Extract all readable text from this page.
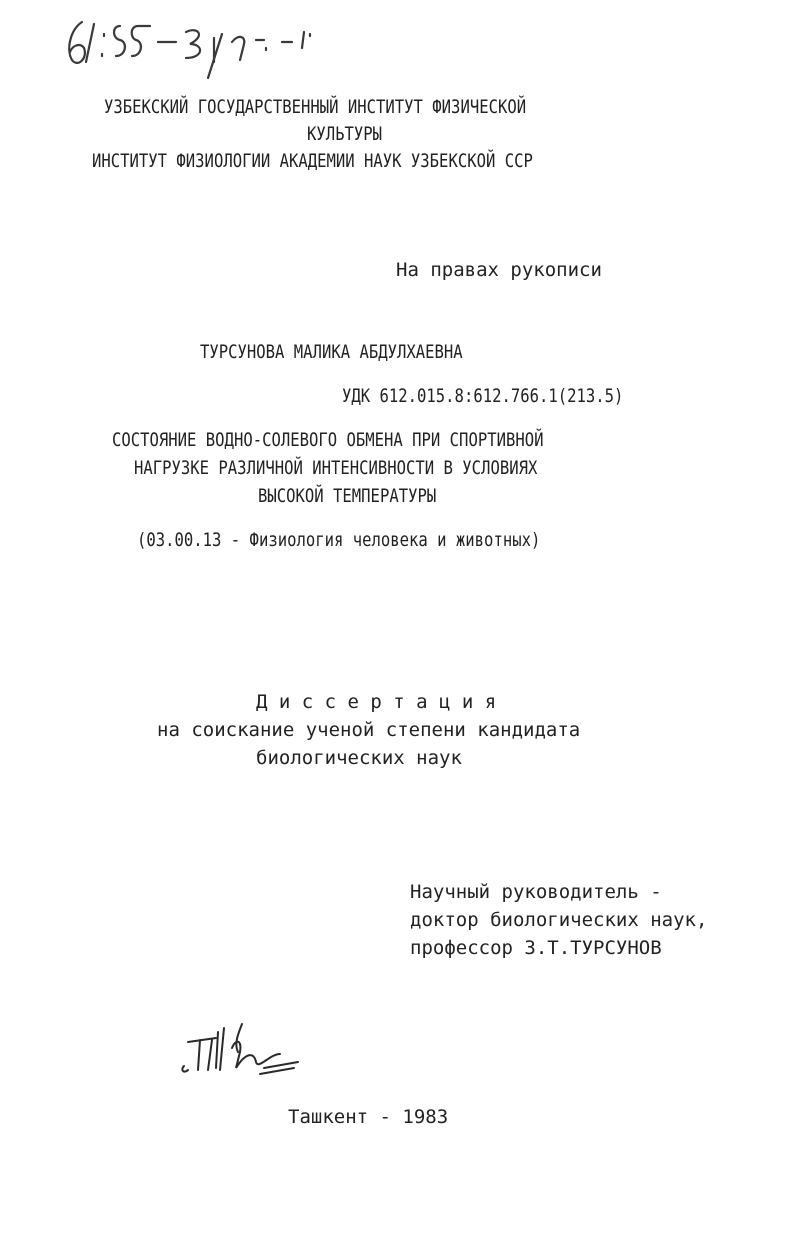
УЗБЕКСКИЙ ГОСУДАРСТВЕННЫЙ ИНСТИТУТ ФИЗИЧЕСКОЙ
КУЛЬТУРЫ
ИНСТИТУТ ФИЗИОЛОГИИ АКАДЕМИИ НАУК УЗБЕКСКОЙ ССР
На правах рукописи
ТУРСУНОВА МАЛИКА АБДУЛХАЕВНА
УДК 612.015.8:612.766.1(213.5)
СОСТОЯНИЕ ВОДНО-СОЛЕВОГО ОБМЕНА ПРИ СПОРТИВНОЙ
НАГРУЗКЕ РАЗЛИЧНОЙ ИНТЕНСИВНОСТИ В УСЛОВИЯХ
ВЫСОКОЙ ТЕМПЕРАТУРЫ
(03.00.13 - Физиология человека и животных)
Д и с с е р т а ц и я
на соискание ученой степени кандидата
биологических наук
Научный руководитель -
доктор биологических наук,
профессор З.Т.ТУРСУНОВ
Ташкент - 1983
